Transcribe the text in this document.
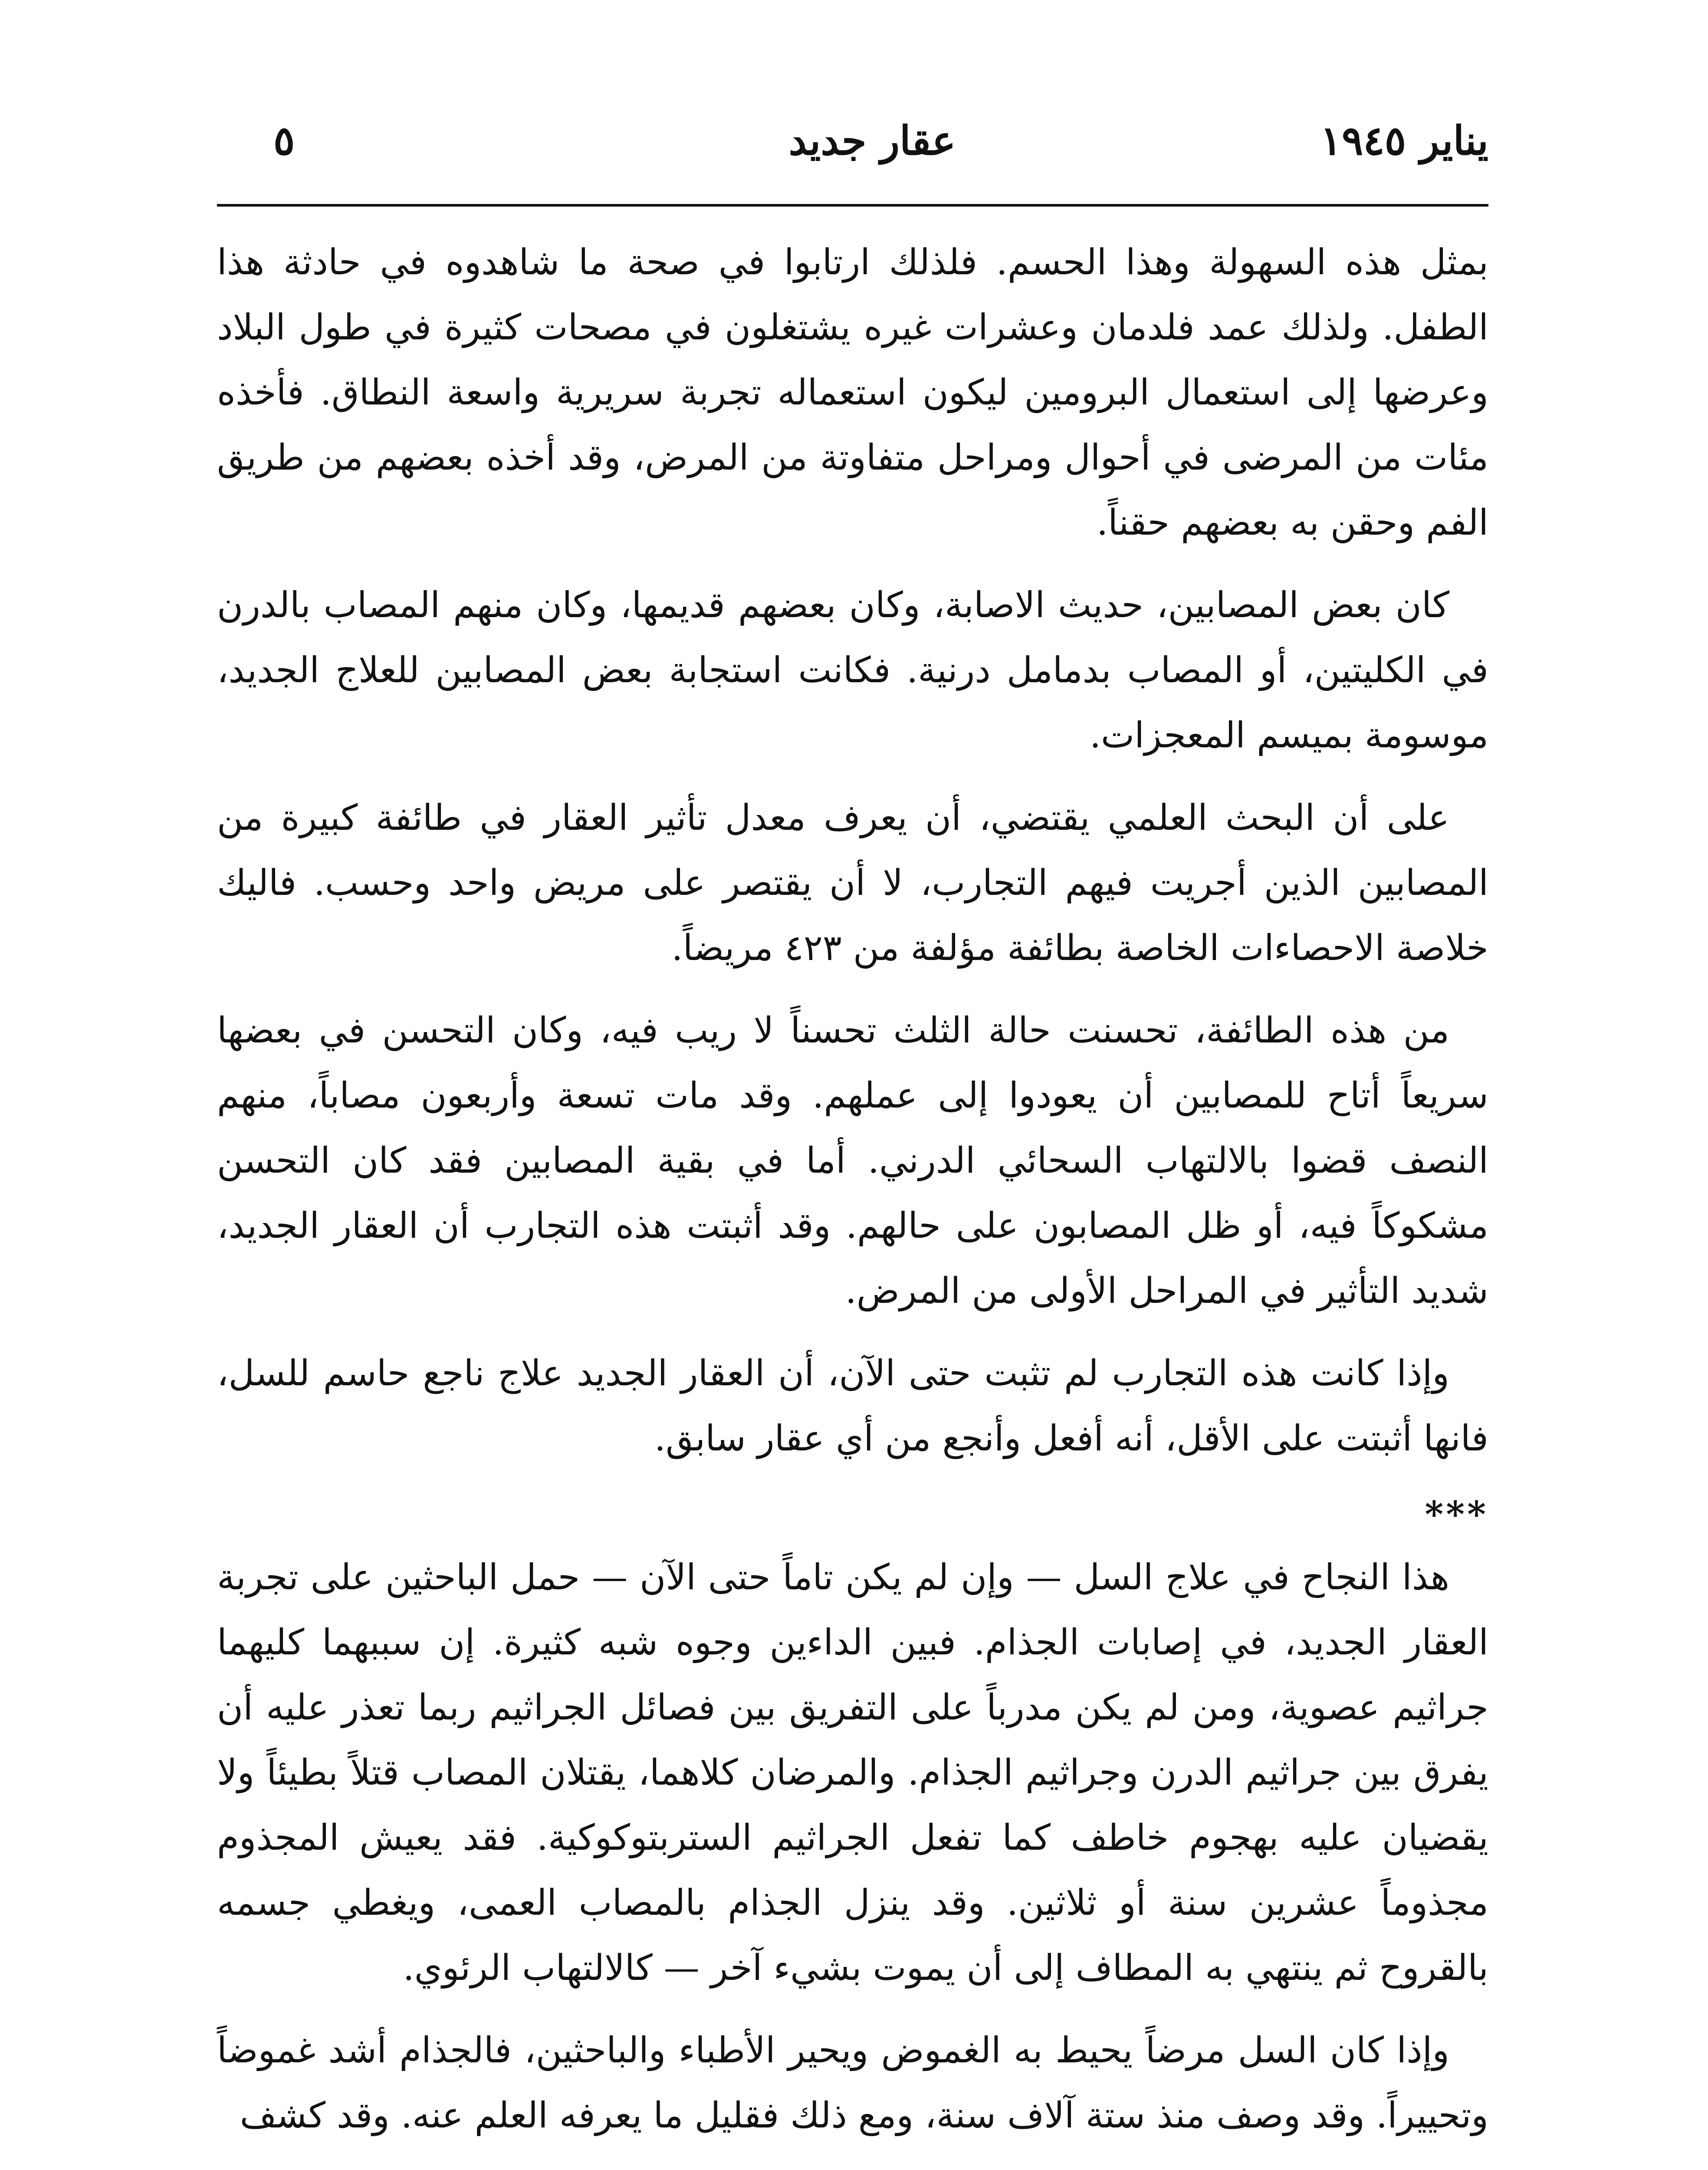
يناير ١٩٤٥
عقار جديد
٥

بمثل هذه السهولة وهذا الحسم. فلذلك ارتابوا في صحة ما شاهدوه في حادثة هذا الطفل. ولذلك عمد فلدمان وعشرات غيره يشتغلون في مصحات كثيرة في طول البلاد وعرضها إلى استعمال البرومين ليكون استعماله تجربة سريرية واسعة النطاق. فأخذه مئات من المرضى في أحوال ومراحل متفاوتة من المرض، وقد أخذه بعضهم من طريق الفم وحقن به بعضهم حقناً.

كان بعض المصابين، حديث الاصابة، وكان بعضهم قديمها، وكان منهم المصاب بالدرن في الكليتين، أو المصاب بدمامل درنية. فكانت استجابة بعض المصابين للعلاج الجديد، موسومة بميسم المعجزات.

على أن البحث العلمي يقتضي، أن يعرف معدل تأثير العقار في طائفة كبيرة من المصابين الذين أجريت فيهم التجارب، لا أن يقتصر على مريض واحد وحسب. فاليك خلاصة الاحصاءات الخاصة بطائفة مؤلفة من ٤٢٣ مريضاً.

من هذه الطائفة، تحسنت حالة الثلث تحسناً لا ريب فيه، وكان التحسن في بعضها سريعاً أتاح للمصابين أن يعودوا إلى عملهم. وقد مات تسعة وأربعون مصاباً، منهم النصف قضوا بالالتهاب السحائي الدرني. أما في بقية المصابين فقد كان التحسن مشكوكاً فيه، أو ظل المصابون على حالهم. وقد أثبتت هذه التجارب أن العقار الجديد، شديد التأثير في المراحل الأولى من المرض.

وإذا كانت هذه التجارب لم تثبت حتى الآن، أن العقار الجديد علاج ناجع حاسم للسل، فانها أثبتت على الأقل، أنه أفعل وأنجع من أي عقار سابق.

***

هذا النجاح في علاج السل — وإن لم يكن تاماً حتى الآن — حمل الباحثين على تجربة العقار الجديد، في إصابات الجذام. فبين الداءين وجوه شبه كثيرة. إن سببهما كليهما جراثيم عصوية، ومن لم يكن مدرباً على التفريق بين فصائل الجراثيم ربما تعذر عليه أن يفرق بين جراثيم الدرن وجراثيم الجذام. والمرضان كلاهما، يقتلان المصاب قتلاً بطيئاً ولا يقضيان عليه بهجوم خاطف كما تفعل الجراثيم الستربتوكوكية. فقد يعيش المجذوم مجذوماً عشرين سنة أو ثلاثين. وقد ينزل الجذام بالمصاب العمى، ويغطي جسمه بالقروح ثم ينتهي به المطاف إلى أن يموت بشيء آخر — كالالتهاب الرئوي.

وإذا كان السل مرضاً يحيط به الغموض ويحير الأطباء والباحثين، فالجذام أشد غموضاً وتحييراً. وقد وصف منذ ستة آلاف سنة، ومع ذلك فقليل ما يعرفه العلم عنه. وقد كشف
